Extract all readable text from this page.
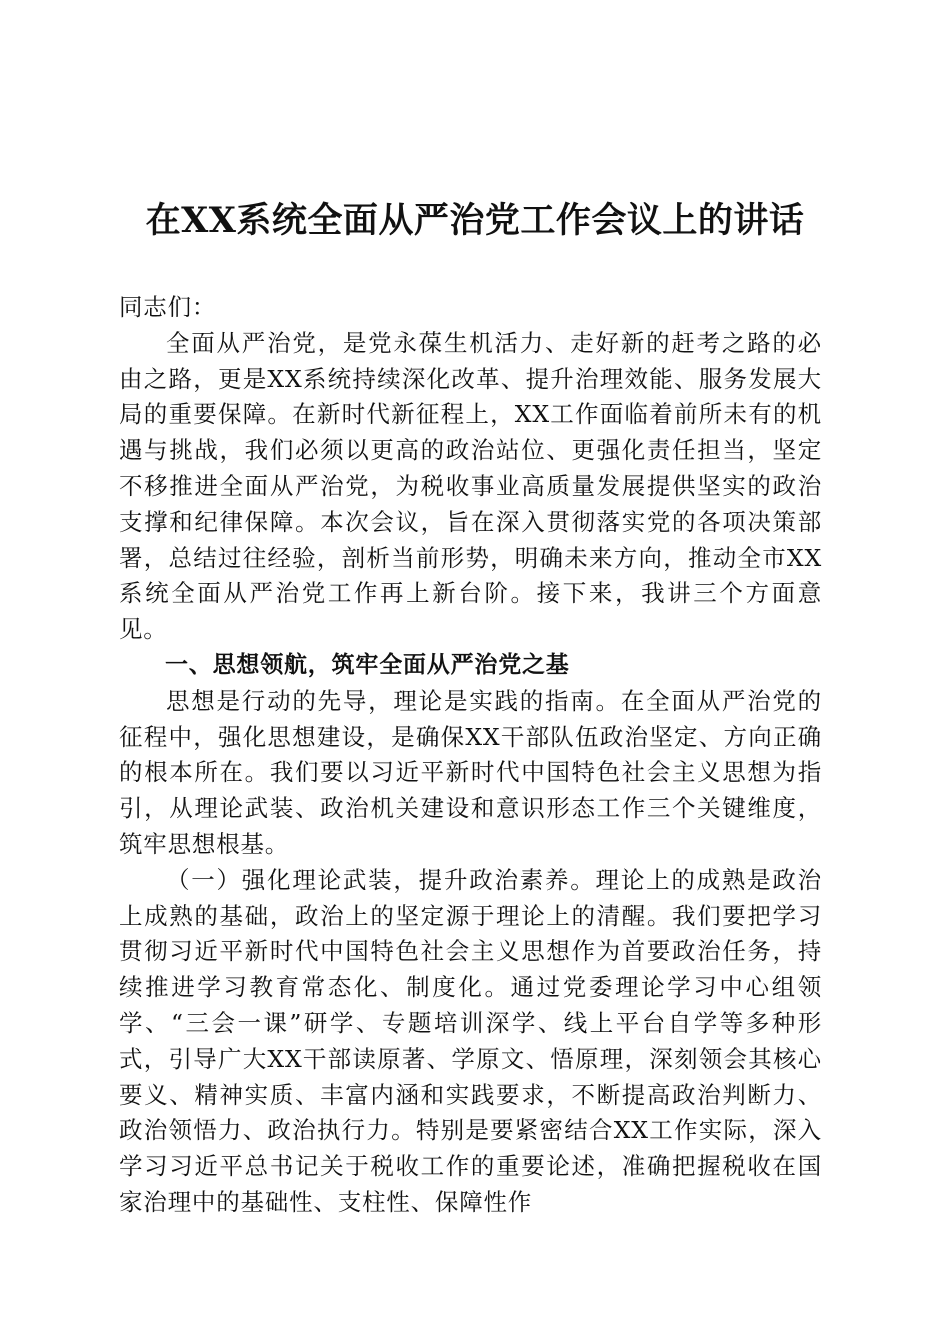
在XX系统全面从严治党工作会议上的讲话

同志们：

全面从严治党，是党永葆生机活力、走好新的赶考之路的必由之路，更是XX系统持续深化改革、提升治理效能、服务发展大局的重要保障。在新时代新征程上，XX工作面临着前所未有的机遇与挑战，我们必须以更高的政治站位、更强化责任担当，坚定不移推进全面从严治党，为税收事业高质量发展提供坚实的政治支撑和纪律保障。本次会议，旨在深入贯彻落实党的各项决策部署，总结过往经验，剖析当前形势，明确未来方向，推动全市XX系统全面从严治党工作再上新台阶。接下来，我讲三个方面意见。

一、思想领航，筑牢全面从严治党之基

思想是行动的先导，理论是实践的指南。在全面从严治党的征程中，强化思想建设，是确保XX干部队伍政治坚定、方向正确的根本所在。我们要以习近平新时代中国特色社会主义思想为指引，从理论武装、政治机关建设和意识形态工作三个关键维度，筑牢思想根基。

（一）强化理论武装，提升政治素养。理论上的成熟是政治上成熟的基础，政治上的坚定源于理论上的清醒。我们要把学习贯彻习近平新时代中国特色社会主义思想作为首要政治任务，持续推进学习教育常态化、制度化。通过党委理论学习中心组领学、“三会一课”研学、专题培训深学、线上平台自学等多种形式，引导广大XX干部读原著、学原文、悟原理，深刻领会其核心要义、精神实质、丰富内涵和实践要求，不断提高政治判断力、政治领悟力、政治执行力。特别是要紧密结合XX工作实际，深入学习习近平总书记关于税收工作的重要论述，准确把握税收在国家治理中的基础性、支柱性、保障性作
